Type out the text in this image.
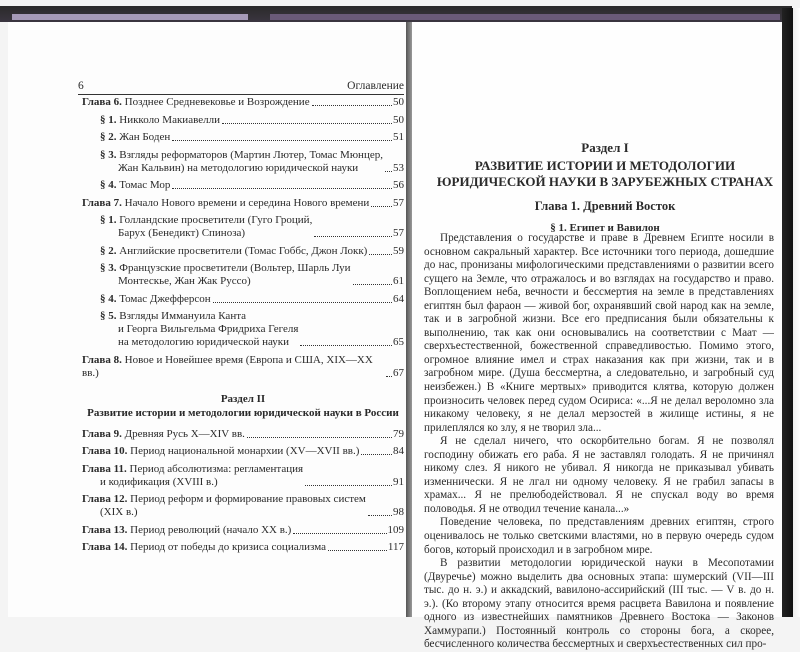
6	Оглавление
Глава 6. Позднее Средневековье и Возрождение	50
§ 1. Никколо Макиавелли	50
§ 2. Жан Боден	51
§ 3. Взгляды реформаторов (Мартин Лютер, Томас Мюнцер,
Жан Кальвин) на методологию юридической науки	53
§ 4. Томас Мор	56
Глава 7. Начало Нового времени и середина Нового времени 57
§ 1. Голландские просветители (Гуго Гроций,
Барух (Бенедикт) Спиноза)	57
§ 2. Английские просветители (Томас Гоббс, Джон Локк) 59
§ 3. Французские просветители (Вольтер, Шарль Луи
Монтескье, Жан Жак Руссо)	61
§ 4. Томас Джефферсон	64
§ 5. Взгляды Иммануила Канта
и Георга Вильгельма Фридриха Гегеля
на методологию юридической науки	65
Глава 8. Новое и Новейшее время (Европа и США, XIX—XX вв.)	67
Раздел II
Развитие истории и методологии юридической науки в России
Глава 9. Древняя Русь X—XIV вв.	79
Глава 10. Период национальной монархии (XV—XVII вв.)	84
Глава 11. Период абсолютизма: регламентация
и кодификация (XVIII в.)	91
Глава 12. Период реформ и формирование правовых систем
(XIX в.)	98
Глава 13. Период революций (начало XX в.)	109
Глава 14. Период от победы до кризиса социализма	117
Раздел I
РАЗВИТИЕ ИСТОРИИ И МЕТОДОЛОГИИ
ЮРИДИЧЕСКОЙ НАУКИ В ЗАРУБЕЖНЫХ СТРАНАХ
Глава 1. Древний Восток
§ 1. Египет и Вавилон

Представления о государстве и праве в Древнем Египте носили в основном сакральный характер. Все источники того периода, дошедшие до нас, пронизаны мифологическими представлениями о развитии всего сущего на Земле, что отражалось и во взглядах на государство и право. Воплощением неба, вечности и бессмертия на земле в представлениях египтян был фараон — живой бог, охранявший свой народ как на земле, так и в загробной жизни. Все его предписания были обязательны к выполнению, так как они основывались на соответствии с Маат — сверхъестественной, божественной справедливостью. Помимо этого, огромное влияние имел и страх наказания как при жизни, так и в загробном мире. (Душа бессмертна, а следовательно, и загробный суд неизбежен.) В «Книге мертвых» приводится клятва, которую должен произносить человек перед судом Осириса: «...Я не делал вероломно зла никакому человеку, я не делал мерзостей в жилище истины, я не прилеплялся ко злу, я не творил зла...

Я не сделал ничего, что оскорбительно богам. Я не позволял господину обижать его раба. Я не заставлял голодать. Я не причинял никому слез. Я никого не убивал. Я никогда не приказывал убивать изменнически. Я не лгал ни одному человеку. Я не грабил запасы в храмах... Я не прелюбодействовал. Я не спускал воду во время половодья. Я не отводил течение канала...»

Поведение человека, по представлениям древних египтян, строго оценивалось не только светскими властями, но в первую очередь судом богов, который происходил и в загробном мире.

В развитии методологии юридической науки в Месопотамии (Двуречье) можно выделить два основных этапа: шумерский (VII—III тыс. до н. э.) и аккадский, вавилоно-ассирийский (III тыс. — V в. до н. э.). (Ко второму этапу относится время расцвета Вавилона и появление одного из известнейших памятников Древнего Востока — Законов Хаммурапи.) Постоянный контроль со стороны бога, а скорее, бесчисленного количества бессмертных и сверхъестественных сил про-
